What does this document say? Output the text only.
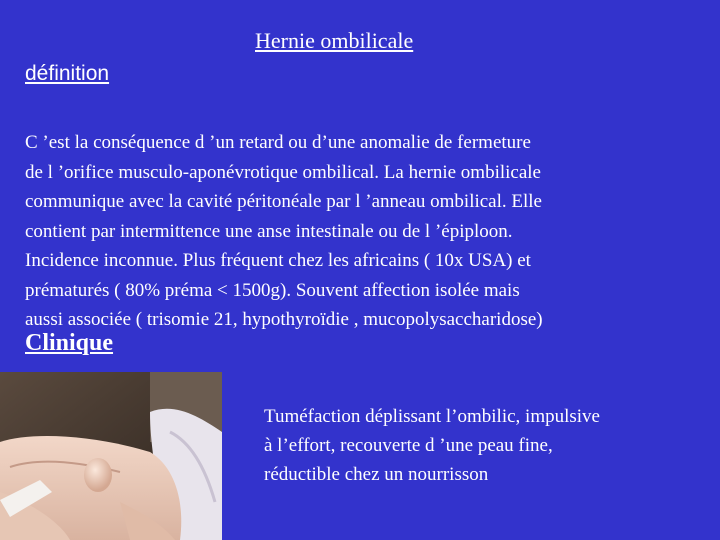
Hernie ombilicale
définition
C ’est la conséquence d ’un retard ou d’une anomalie de fermeture
de l ’orifice musculo-aponévrotique ombilical. La hernie ombilicale
communique avec la cavité péritonéale par l ’anneau ombilical. Elle
contient par intermittence une anse intestinale ou de l ’épiploon.
Incidence inconnue. Plus fréquent chez les africains ( 10x USA) et
prématurés ( 80% préma < 1500g). Souvent affection isolée mais
aussi associée ( trisomie 21, hypothyroïdie , mucopolysaccharidose)
Clinique
Tuméfaction déplissant l’ombilic, impulsive
à l’effort, recouverte d ’une peau fine,
réductible chez un nourrisson
